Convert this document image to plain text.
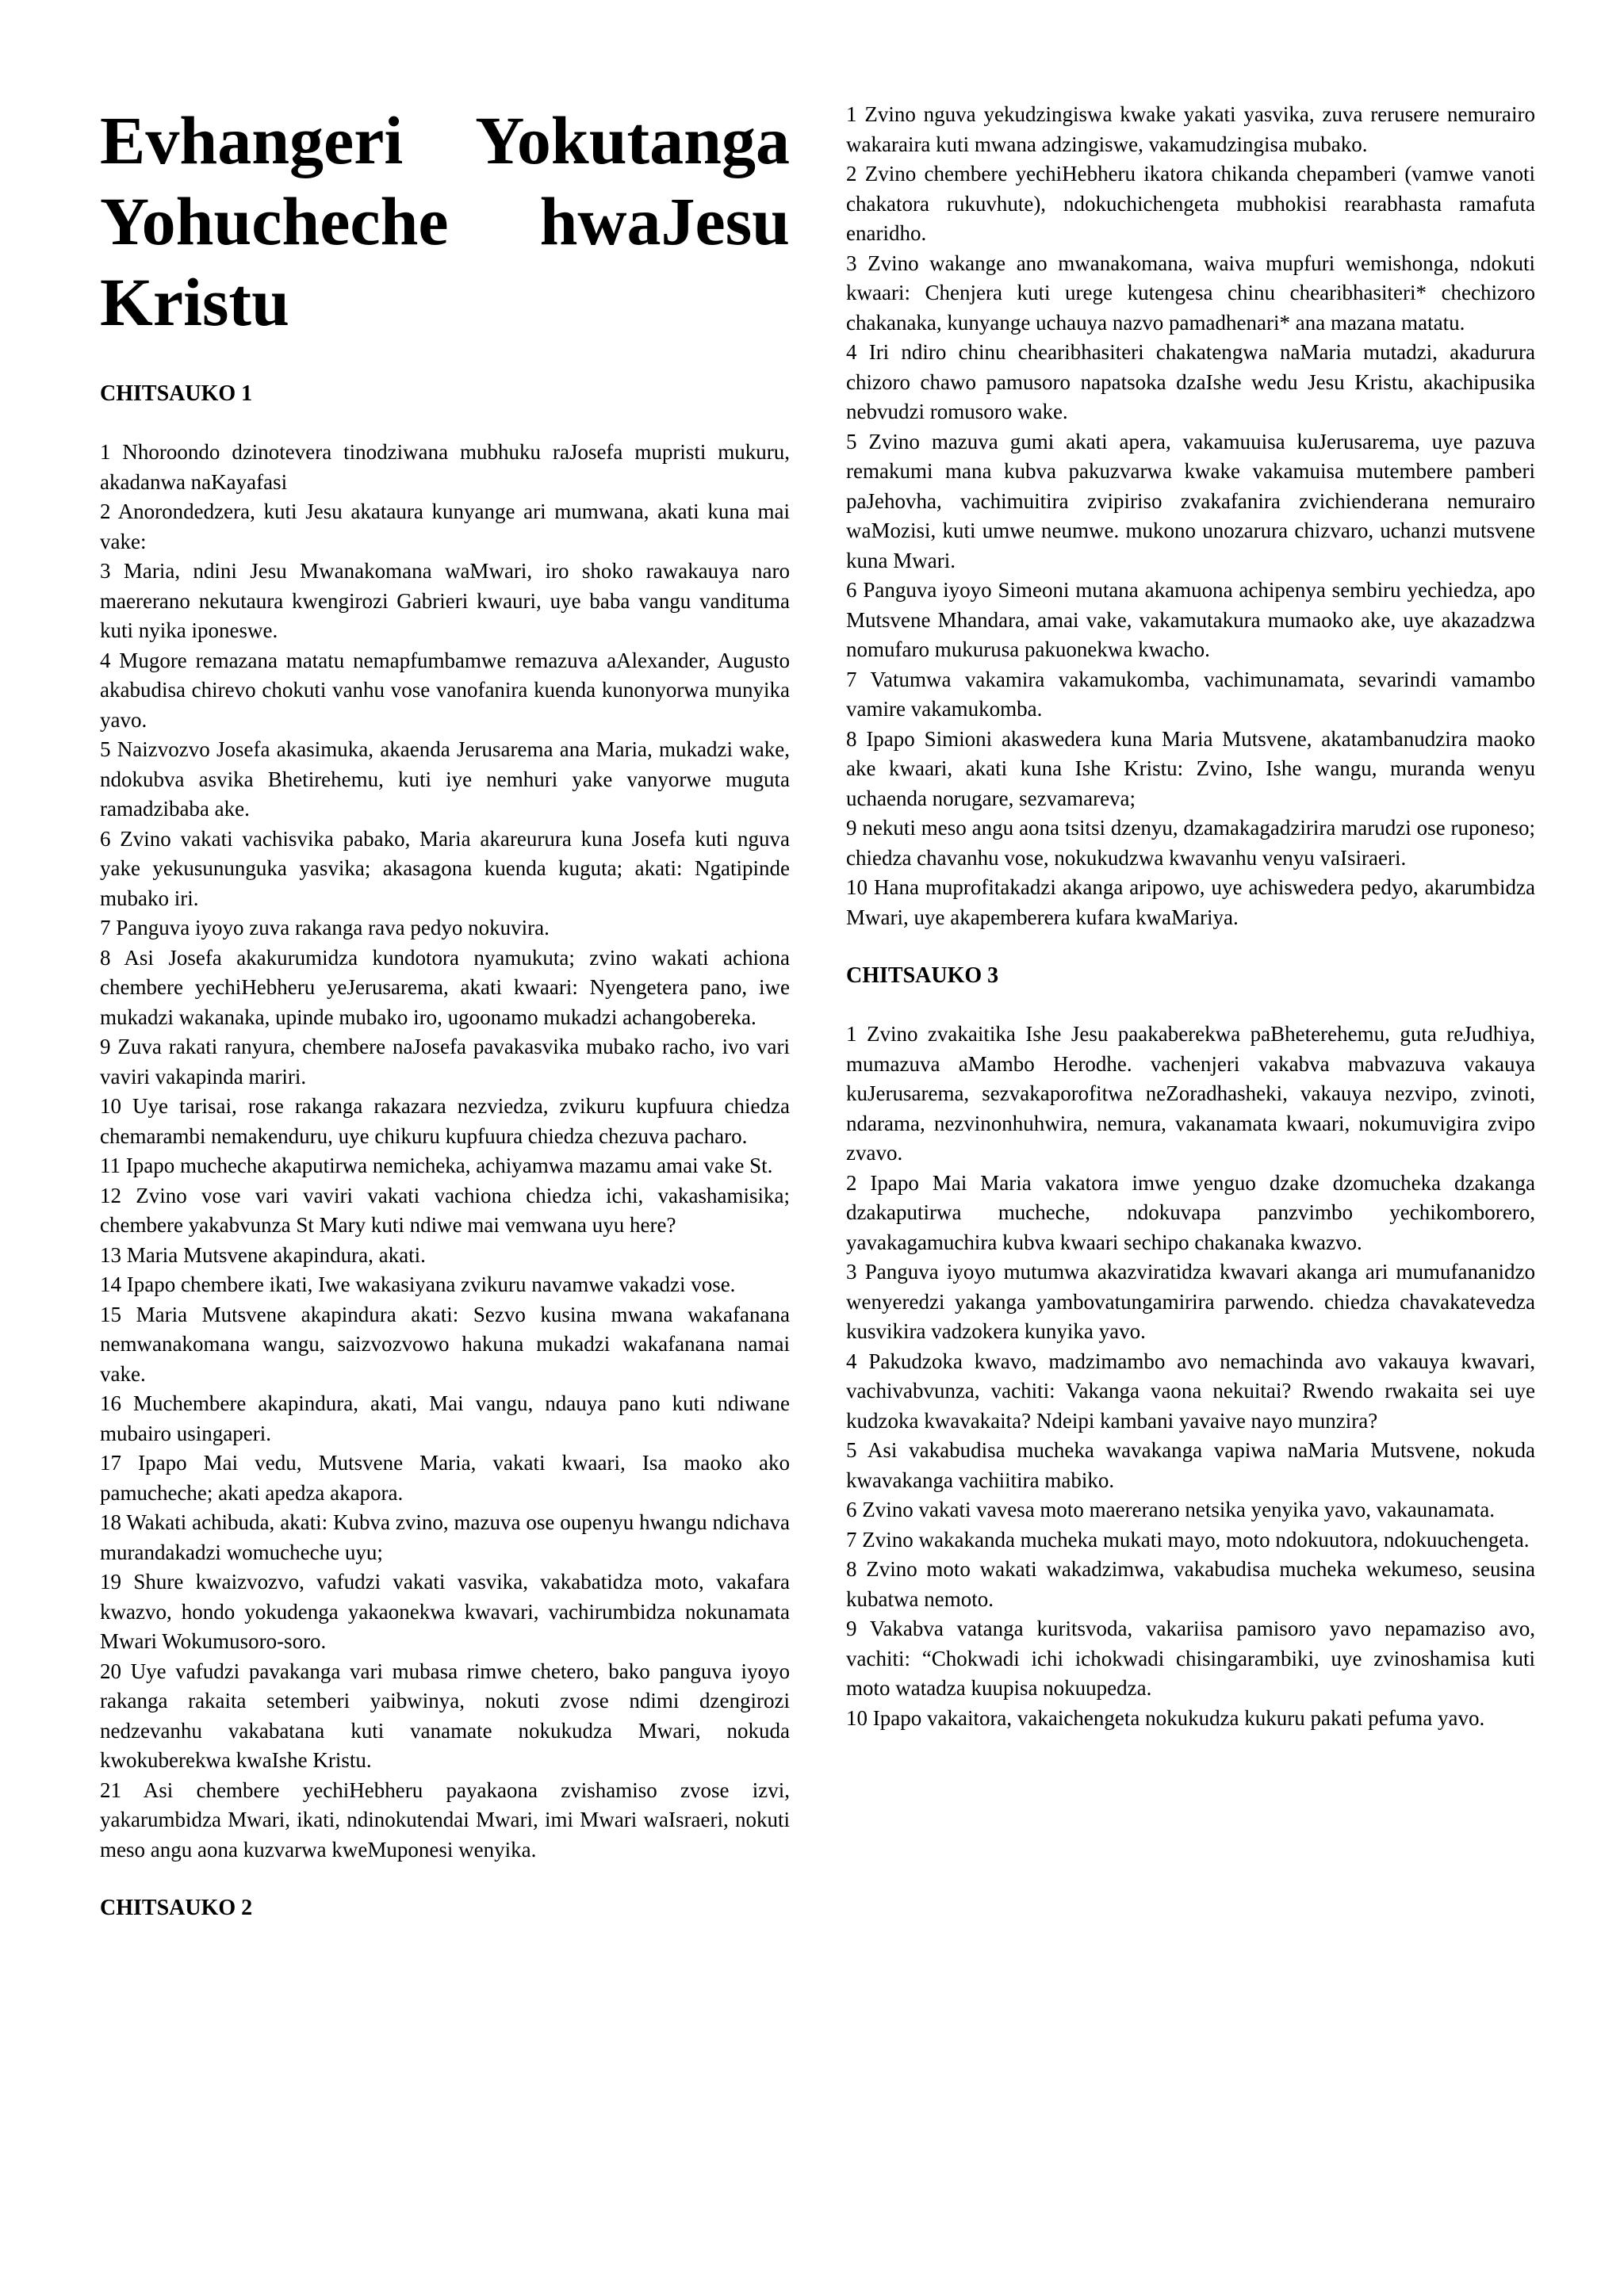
Evhangeri Yokutanga Yohucheche hwaJesu Kristu
CHITSAUKO 1

1 Nhoroondo dzinotevera tinodziwana mubhuku raJosefa mupristi mukuru, akadanwa naKayafasi

2 Anorondedzera, kuti Jesu akataura kunyange ari mumwana, akati kuna mai vake:

3 Maria, ndini Jesu Mwanakomana waMwari, iro shoko rawakauya naro maererano nekutaura kwengirozi Gabrieri kwauri, uye baba vangu vanditumа kuti nyika iponeswe.

4 Mugore remazana matatu nemapfumbamwe remazuva aAlexander, Augusto akabudisa chirevo chokuti vanhu vose vanofanira kuenda kunonyorwa munyika yavo.

5 Naizvozvo Josefa akasimuka, akaenda Jerusarema ana Maria, mukadzi wake, ndokubva asvika Bhetirehemu, kuti iye nemhuri yake vanyorwe muguta ramadzibaba ake.

6 Zvino vakati vachisvika pabako, Maria akareurura kuna Josefa kuti nguva yake yekusununguka yasvika; akasagona kuenda kuguta; akati: Ngatipinde mubako iri.

7 Panguva iyoyo zuva rakanga rava pedyo nokuvira.

8 Asi Josefa akakurumidza kundotora nyamukuta; zvino wakati achiona chembere yechiHebheru yeJerusarema, akati kwaari: Nyengetera pano, iwe mukadzi wakanaka, upinde mubako iro, ugoonamo mukadzi achangobereka.

9 Zuva rakati ranyura, chembere naJosefa pavakasvika mubako racho, ivo vari vaviri vakapinda mariri.

10 Uye tarisai, rose rakanga rakazara nezviedza, zvikuru kupfuura chiedza chemarambi nemakenduru, uye chikuru kupfuura chiedza chezuva pacharo.

11 Ipapo mucheche akaputirwa nemicheka, achiyamwa mazamu amai vake St.

12 Zvino vose vari vaviri vakati vachiona chiedza ichi, vakashamisika; chembere yakabvunza St Mary kuti ndiwe mai vemwana uyu here?

13 Maria Mutsvene akapindura, akati.

14 Ipapo chembere ikati, Iwe wakasiyana zvikuru navamwe vakadzi vose.

15 Maria Mutsvene akapindura akati: Sezvo kusina mwana wakafanana nemwanakomana wangu, saizvozvowo hakuna mukadzi wakafanana namai vake.

16 Muchembere akapindura, akati, Mai vangu, ndauya pano kuti ndiwane mubairo usingaperi.

17 Ipapo Mai vedu, Mutsvene Maria, vakati kwaari, Isa maoko ako pamucheche; akati apedza akapora.

18 Wakati achibuda, akati: Kubva zvino, mazuva ose oupenyu hwangu ndichava murandakadzi womucheche uyu;

19 Shure kwaizvozvo, vafudzi vakati vasvika, vakabatidza moto, vakafara kwazvo, hondo yokudenga yakaonekwa kwavari, vachirumbidza nokunamata Mwari Wokumusoro-soro.

20 Uye vafudzi pavakanga vari mubasa rimwe chetero, bako panguva iyoyo rakanga rakaita setemberi yaibwinya, nokuti zvose ndimi dzengirozi nedzevanhu vakabatana kuti vanamate nokukudza Mwari, nokuda kwokuberekwa kwaIshe Kristu.

21 Asi chembere yechiHebheru payakaona zvishamiso zvose izvi, yakarumbidza Mwari, ikati, ndinokutendai Mwari, imi Mwari waIsraeri, nokuti meso angu aona kuzvarwa kweMuponesi wenyika.

CHITSAUKO 2

1 Zvino nguva yekudzingiswa kwake yakati yasvika, zuva rerusere nemurairo wakaraira kuti mwana adzingiswe, vakamudzingisa mubako.

2 Zvino chembere yechiHebheru ikatora chikanda chepamberi (vamwe vanoti chakatora rukuvhute), ndokuchichengeta mubhokisi rearabhasta ramafuta enaridho.

3 Zvino wakange ano mwanakomana, waiva mupfuri wemishonga, ndokuti kwaari: Chenjera kuti urege kutengesa chinu chearibhasiteri* chechizoro chakanaka, kunyange uchauya nazvo pamadhenari* ana mazana matatu.

4 Iri ndiro chinu chearibhasiteri chakatengwa naMaria mutadzi, akadurura chizoro chawo pamusoro napatsoka dzaIshe wedu Jesu Kristu, akachipusika nebvudzi romusoro wake.

5 Zvino mazuva gumi akati apera, vakamuuisa kuJerusarema, uye pazuva remakumi mana kubva pakuzvarwa kwake vakamuisa mutembere pamberi paJehovha, vachimuitira zvipiriso zvakafanira zvichienderana nemurairo waMozisi, kuti umwe neumwe. mukono unozarura chizvaro, uchanzi mutsvene kuna Mwari.

6 Panguva iyoyo Simeoni mutana akamuona achipenya sembiru yechiedza, apo Mutsvene Mhandara, amai vake, vakamutakura mumaoko ake, uye akazadzwa nomufaro mukurusa pakuonekwa kwacho.

7 Vatumwa vakamira vakamukomba, vachimunamata, sevarindi vamambo vamire vakamukomba.

8 Ipapo Simioni akaswedera kuna Maria Mutsvene, akatambanudzira maoko ake kwaari, akati kuna Ishe Kristu: Zvino, Ishe wangu, muranda wenyu uchaenda norugare, sezvamareva;

9 nekuti meso angu aona tsitsi dzenyu, dzamakagadzirira marudzi ose ruponeso; chiedza chavanhu vose, nokukudzwa kwavanhu venyu vaIsiraeri.

10 Hana muprofitakadzi akanga aripowo, uye achiswedera pedyo, akarumbidza Mwari, uye akapemberera kufara kwaMariya.

CHITSAUKO 3

1 Zvino zvakaitika Ishe Jesu paakaberekwa paBheterehemu, guta reJudhiya, mumazuva aMambo Herodhe. vachenjeri vakabva mabvazuva vakauya kuJerusarema, sezvakaporofitwa neZoradhasheki, vakauya nezvipo, zvinoti, ndarama, nezvinonhuhwira, nemura, vakanamata kwaari, nokumuvigira zvipo zvavo.

2 Ipapo Mai Maria vakatora imwe yenguo dzake dzomucheka dzakanga dzakaputirwa mucheche, ndokuvapa panzvimbo yechikomborero, yavakagamuchira kubva kwaari sechipo chakanaka kwazvo.

3 Panguva iyoyo mutumwa akazviratidza kwavari akanga ari mumufananidzo wenyeredzi yakanga yambovatungamirira parwendo. chiedza chavakatevedza kusvikira vadzokera kunyika yavo.

4 Pakudzoka kwavo, madzimambo avo nemachinda avo vakauya kwavari, vachivabvunza, vachiti: Vakanga vaona nekuitai? Rwendo rwakaita sei uye kudzoka kwavakaita? Ndeipi kambani yavaive nayo munzira?

5 Asi vakabudisa mucheka wavakanga vapiwa naMaria Mutsvene, nokuda kwavakanga vachiitira mabiko.

6 Zvino vakati vavesa moto maererano netsika yenyika yavo, vakaunamata.

7 Zvino wakakanda mucheka mukati mayo, moto ndokuutora, ndokuuchengeta.

8 Zvino moto wakati wakadzimwa, vakabudisa mucheka wekumeso, seusina kubatwa nemoto.

9 Vakabva vatanga kuritsvoda, vakariisa pamisoro yavo nepamaziso avo, vachiti: “Chokwadi ichi ichokwadi chisingarambiki, uye zvinoshamisa kuti moto watadza kuupisa nokuupedza.

10 Ipapo vakaitora, vakaichengeta nokukudza kukuru pakati pefuma yavo.
